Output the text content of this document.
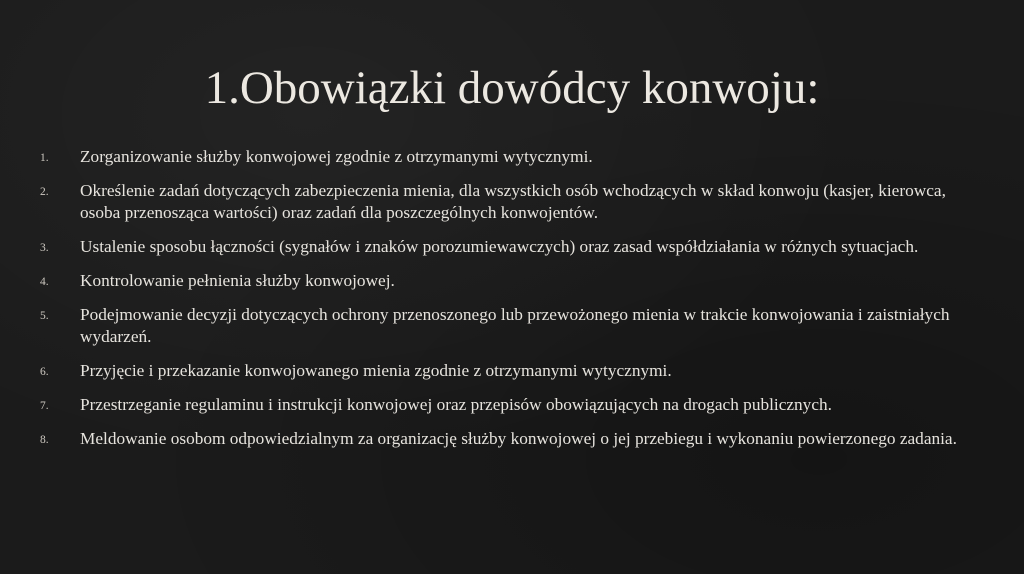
1.Obowiązki dowódcy konwoju:
1. Zorganizowanie służby konwojowej zgodnie z otrzymanymi wytycznymi.
2. Określenie zadań dotyczących zabezpieczenia mienia, dla wszystkich osób wchodzących w skład konwoju (kasjer, kierowca, osoba przenosząca wartości) oraz zadań dla poszczególnych konwojentów.
3. Ustalenie sposobu łączności (sygnałów i znaków porozumiewawczych) oraz zasad współdziałania w różnych sytuacjach.
4. Kontrolowanie pełnienia służby konwojowej.
5. Podejmowanie decyzji dotyczących ochrony przenoszonego lub przewożonego mienia w trakcie konwojowania i zaistniałych wydarzeń.
6. Przyjęcie i przekazanie konwojowanego mienia zgodnie z otrzymanymi wytycznymi.
7. Przestrzeganie regulaminu i instrukcji konwojowej oraz przepisów obowiązujących na drogach publicznych.
8. Meldowanie osobom odpowiedzialnym za organizację służby konwojowej o jej przebiegu i wykonaniu powierzonego zadania.
